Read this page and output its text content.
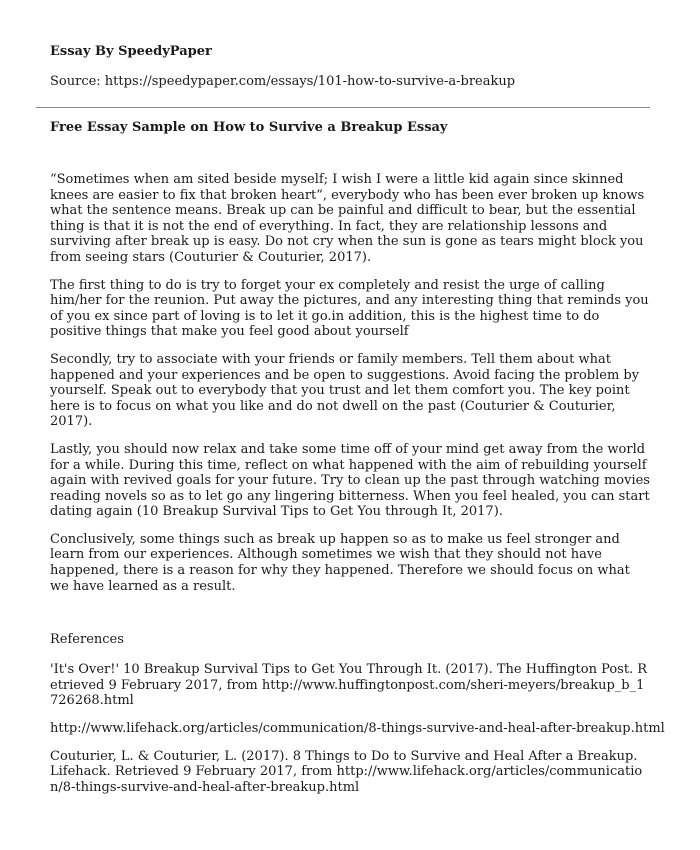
Essay By SpeedyPaper
Source: https://speedypaper.com/essays/101-how-to-survive-a-breakup
Free Essay Sample on How to Survive a Breakup Essay

“Sometimes when am sited beside myself; I wish I were a little kid again since skinned knees are easier to fix that broken heart”, everybody who has been ever broken up knows what the sentence means. Break up can be painful and difficult to bear, but the essential thing is that it is not the end of everything. In fact, they are relationship lessons and surviving after break up is easy. Do not cry when the sun is gone as tears might block you from seeing stars (Couturier & Couturier, 2017).

The first thing to do is try to forget your ex completely and resist the urge of calling him/her for the reunion. Put away the pictures, and any interesting thing that reminds you of you ex since part of loving is to let it go.in addition, this is the highest time to do positive things that make you feel good about yourself

Secondly, try to associate with your friends or family members. Tell them about what happened and your experiences and be open to suggestions. Avoid facing the problem by yourself. Speak out to everybody that you trust and let them comfort you. The key point here is to focus on what you like and do not dwell on the past (Couturier & Couturier, 2017).

Lastly, you should now relax and take some time off of your mind get away from the world for a while. During this time, reflect on what happened with the aim of rebuilding yourself again with revived goals for your future. Try to clean up the past through watching movies reading novels so as to let go any lingering bitterness. When you feel healed, you can start dating again (10 Breakup Survival Tips to Get You through It, 2017).

Conclusively, some things such as break up happen so as to make us feel stronger and learn from our experiences. Although sometimes we wish that they should not have happened, there is a reason for why they happened. Therefore we should focus on what we have learned as a result.

References

'It's Over!' 10 Breakup Survival Tips to Get You Through It. (2017). The Huffington Post. Retrieved 9 February 2017, from http://www.huffingtonpost.com/sheri-meyers/breakup_b_1726268.html

http://www.lifehack.org/articles/communication/8-things-survive-and-heal-after-breakup.html

Couturier, L. & Couturier, L. (2017). 8 Things to Do to Survive and Heal After a Breakup. Lifehack. Retrieved 9 February 2017, from http://www.lifehack.org/articles/communication/8-things-survive-and-heal-after-breakup.html
